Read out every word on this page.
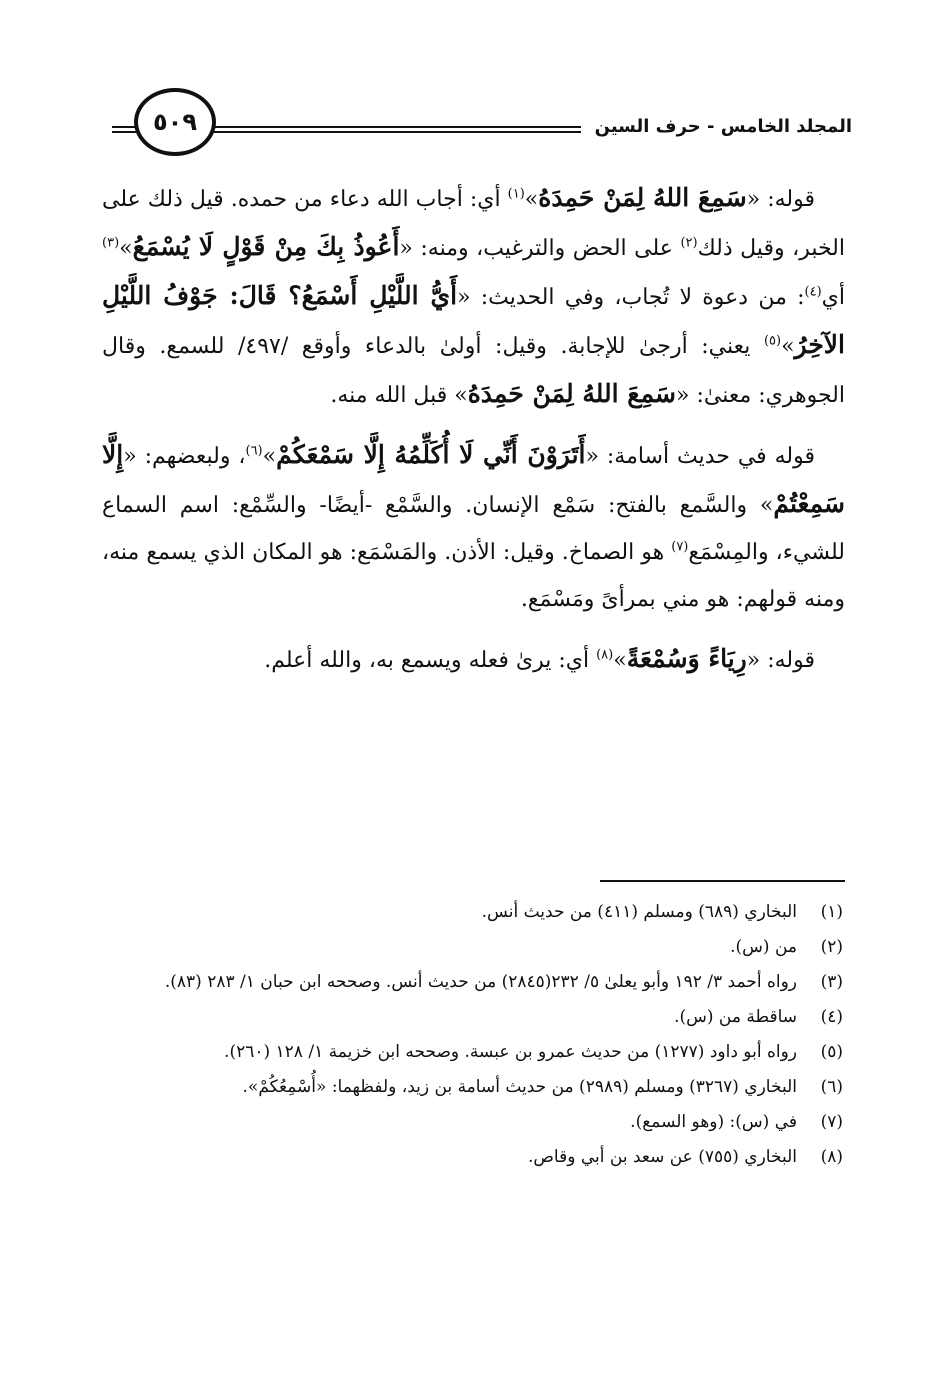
المجلد الخامس - حرف السين
٥٠٩

قوله: «سَمِعَ اللهُ لِمَنْ حَمِدَهُ»$^{(١)}$ أي: أجاب الله دعاء من حمده. قيل ذلك على الخبر، وقيل ذلك$^{(٢)}$ على الحض والترغيب، ومنه: «أَعُوذُ بِكَ مِنْ قَوْلٍ لَا يُسْمَعُ»$^{(٣)}$ أي$^{(٤)}$: من دعوة لا تُجاب، وفي الحديث: «أَيُّ اللَّيْلِ أَسْمَعُ؟ قَالَ: جَوْفُ اللَّيْلِ الآخِرُ»$^{(٥)}$ يعني: أرجىٰ للإجابة. وقيل: أولىٰ بالدعاء وأوقع /٤٩٧/ للسمع. وقال الجوهري: معنىٰ: «سَمِعَ اللهُ لِمَنْ حَمِدَهُ» قبل الله منه.

قوله في حديث أسامة: «أَتَرَوْنَ أَنِّي لَا أُكَلِّمُهُ إِلَّا سَمْعَكُمْ»$^{(٦)}$، ولبعضهم: «إِلَّا سَمِعْتُمْ» والسَّمع بالفتح: سَمْع الإنسان. والسَّمْع -أيضًا- والسِّمْع: اسم السماع للشيء، والمِسْمَع$^{(٧)}$ هو الصماخ. وقيل: الأذن. والمَسْمَع: هو المكان الذي يسمع منه، ومنه قولهم: هو مني بمرأىً ومَسْمَع.

قوله: «رِيَاءً وَسُمْعَةً»$^{(٨)}$ أي: يرىٰ فعله ويسمع به، والله أعلم.

(١)
البخاري (٦٨٩) ومسلم (٤١١) من حديث أنس.
(٢)
من (س).
(٣)
رواه أحمد ٣/ ١٩٢ وأبو يعلىٰ ٥/ ٢٣٢(٢٨٤٥) من حديث أنس. وصححه ابن حبان ١/ ٢٨٣ (٨٣).
(٤)
ساقطة من (س).
(٥)
رواه أبو داود (١٢٧٧) من حديث عمرو بن عبسة. وصححه ابن خزيمة ١/ ١٢٨ (٢٦٠).
(٦)
البخاري (٣٢٦٧) ومسلم (٢٩٨٩) من حديث أسامة بن زيد، ولفظهما: «أُسْمِعُكُمْ».
(٧)
في (س): (وهو السمع).
(٨)
البخاري (٧٥٥) عن سعد بن أبي وقاص.
